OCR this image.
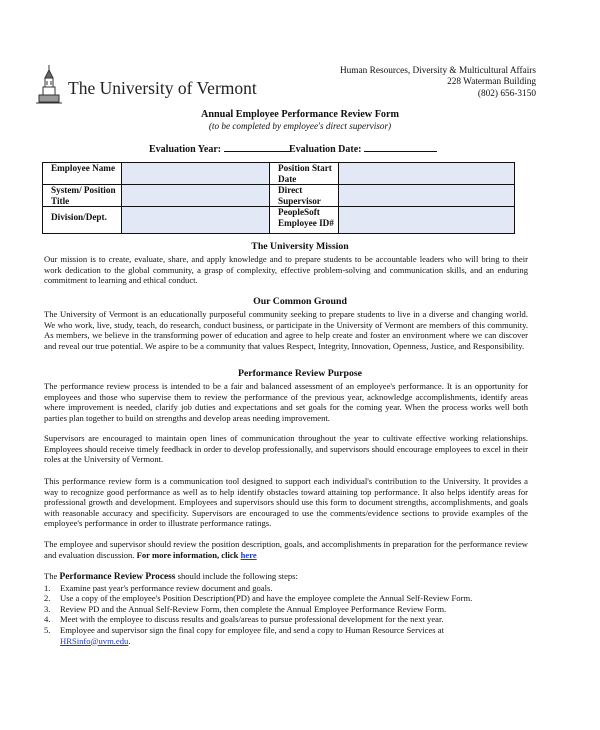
The University of Vermont
Human Resources, Diversity & Multicultural Affairs
228 Waterman Building
(802) 656-3150
Annual Employee Performance Review Form
(to be completed by employee's direct supervisor)
Evaluation Year:	Evaluation Date:
Employee Name		Position Start Date	
System/ Position Title		Direct Supervisor	
Division/Dept.		PeopleSoft Employee ID#	
The University Mission
Our mission is to create, evaluate, share, and apply knowledge and to prepare students to be accountable leaders who will bring to their work dedication to the global community, a grasp of complexity, effective problem-solving and communication skills, and an enduring commitment to learning and ethical conduct.
Our Common Ground
The University of Vermont is an educationally purposeful community seeking to prepare students to live in a diverse and changing world. We who work, live, study, teach, do research, conduct business, or participate in the University of Vermont are members of this community. As members, we believe in the transforming power of education and agree to help create and foster an environment where we can discover and reveal our true potential. We aspire to be a community that values Respect, Integrity, Innovation, Openness, Justice, and Responsibility.
Performance Review Purpose
The performance review process is intended to be a fair and balanced assessment of an employee's performance. It is an opportunity for employees and those who supervise them to review the performance of the previous year, acknowledge accomplishments, identify areas where improvement is needed, clarify job duties and expectations and set goals for the coming year. When the process works well both parties plan together to build on strengths and develop areas needing improvement.
Supervisors are encouraged to maintain open lines of communication throughout the year to cultivate effective working relationships. Employees should receive timely feedback in order to develop professionally, and supervisors should encourage employees to excel in their roles at the University of Vermont.
This performance review form is a communication tool designed to support each individual's contribution to the University. It provides a way to recognize good performance as well as to help identify obstacles toward attaining top performance. It also helps identify areas for professional growth and development. Employees and supervisors should use this form to document strengths, accomplishments, and goals with reasonable accuracy and specificity. Supervisors are encouraged to use the comments/evidence sections to provide examples of the employee's performance in order to illustrate performance ratings.
The employee and supervisor should review the position description, goals, and accomplishments in preparation for the performance review and evaluation discussion. For more information, click here
The Performance Review Process should include the following steps:
1. Examine past year's performance review document and goals.
2. Use a copy of the employee's Position Description(PD) and have the employee complete the Annual Self-Review Form.
3. Review PD and the Annual Self-Review Form, then complete the Annual Employee Performance Review Form.
4. Meet with the employee to discuss results and goals/areas to pursue professional development for the next year.
5. Employee and supervisor sign the final copy for employee file, and send a copy to Human Resource Services at
HRSinfo@uvm.edu.
